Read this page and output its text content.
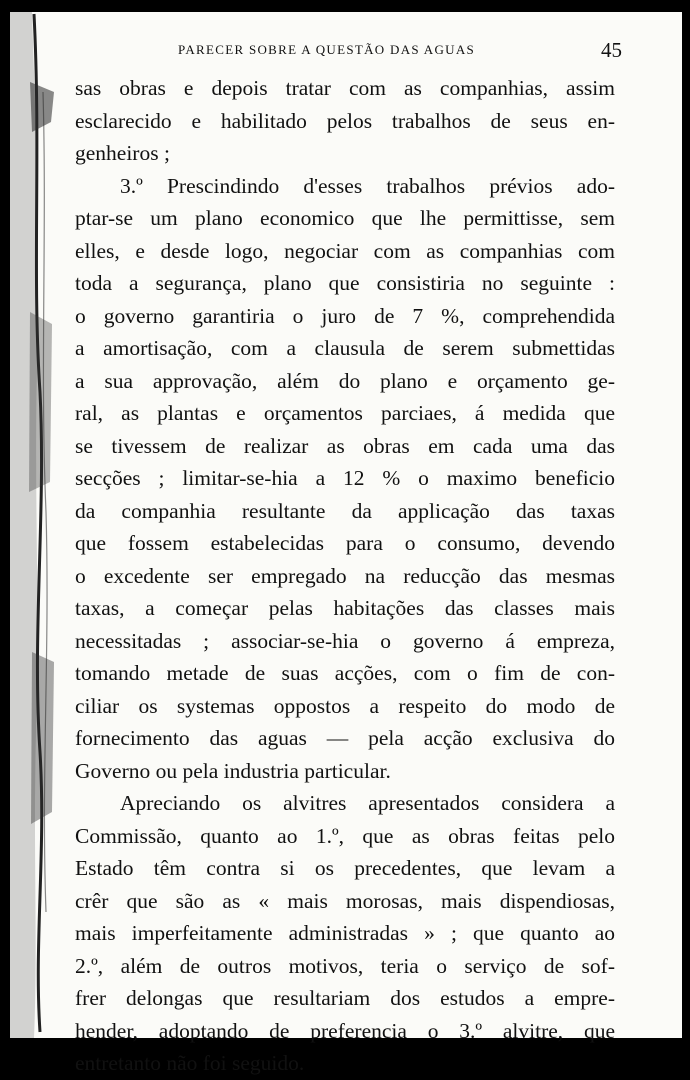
PARECER SOBRE A QUESTÃO DAS AGUAS	45
sas obras e depois tratar com as companhias, assim
esclarecido e habilitado pelos trabalhos de seus en-
genheiros ;
3.º Prescindindo d'esses trabalhos prévios ado-
ptar-se um plano economico que lhe permittisse, sem
elles, e desde logo, negociar com as companhias com
toda a segurança, plano que consistiria no seguinte :
o governo garantiria o juro de 7 %, comprehendida
a amortisação, com a clausula de serem submettidas
a sua approvação, além do plano e orçamento ge-
ral, as plantas e orçamentos parciaes, á medida que
se tivessem de realizar as obras em cada uma das
secções ; limitar-se-hia a 12 % o maximo beneficio
da companhia resultante da applicação das taxas
que fossem estabelecidas para o consumo, devendo
o excedente ser empregado na reducção das mesmas
taxas, a começar pelas habitações das classes mais
necessitadas ; associar-se-hia o governo á empreza,
tomando metade de suas acções, com o fim de con-
ciliar os systemas oppostos a respeito do modo de
fornecimento das aguas — pela acção exclusiva do
Governo ou pela industria particular.
Apreciando os alvitres apresentados considera a
Commissão, quanto ao 1.º, que as obras feitas pelo
Estado têm contra si os precedentes, que levam a
crêr que são as « mais morosas, mais dispendiosas,
mais imperfeitamente administradas » ; que quanto ao
2.º, além de outros motivos, teria o serviço de sof-
frer delongas que resultariam dos estudos a empre-
hender, adoptando de preferencia o 3.º alvitre, que
entretanto não foi seguido.
